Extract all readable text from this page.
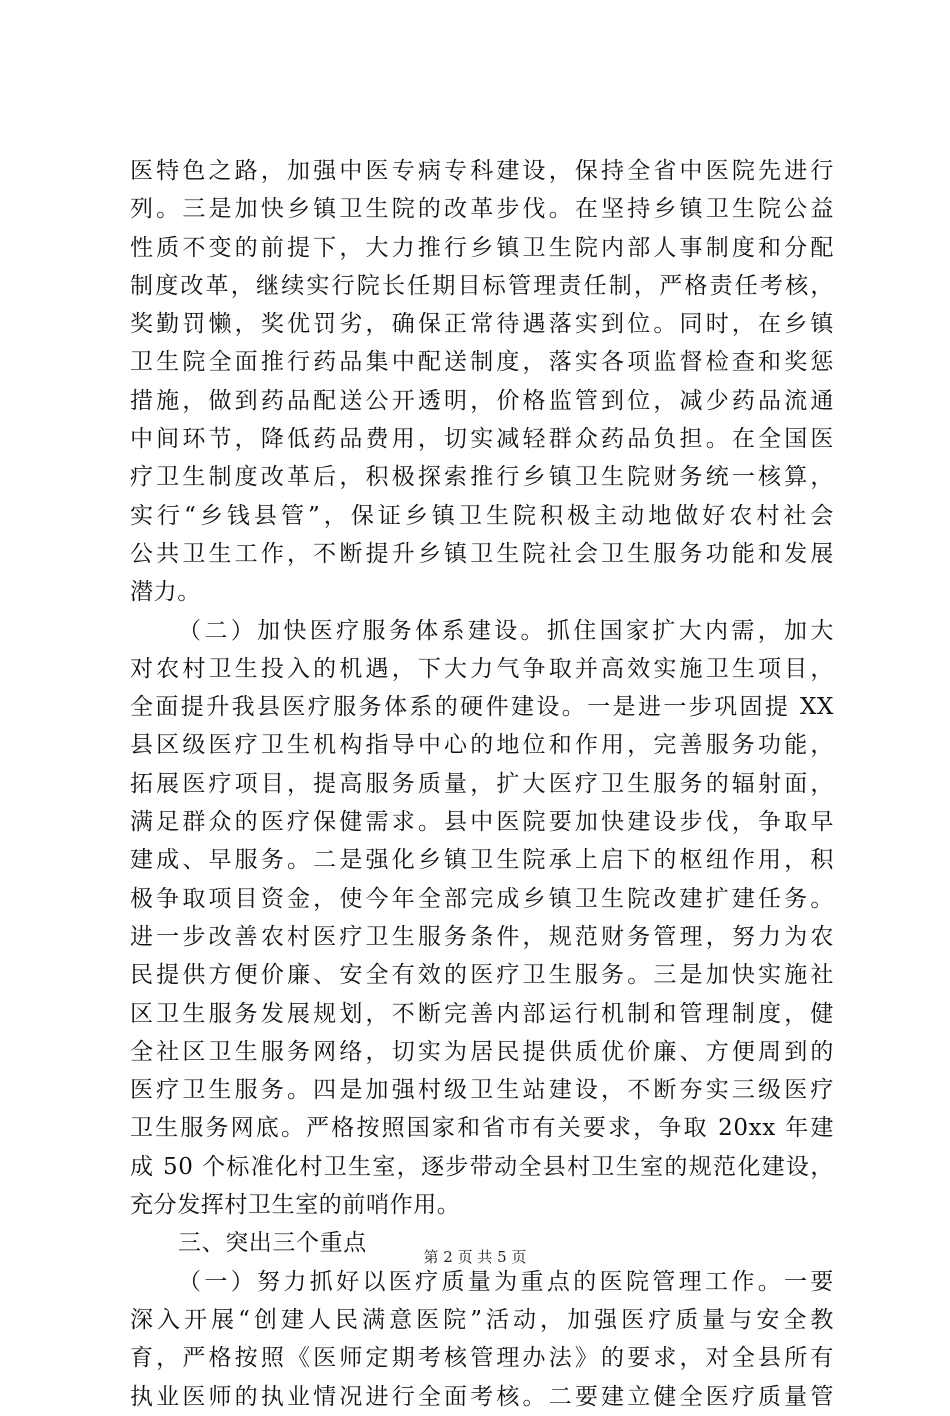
医特色之路，加强中医专病专科建设，保持全省中医院先进行
列。三是加快乡镇卫生院的改革步伐。在坚持乡镇卫生院公益
性质不变的前提下，大力推行乡镇卫生院内部人事制度和分配
制度改革，继续实行院长任期目标管理责任制，严格责任考核，
奖勤罚懒，奖优罚劣，确保正常待遇落实到位。同时，在乡镇
卫生院全面推行药品集中配送制度，落实各项监督检查和奖惩
措施，做到药品配送公开透明，价格监管到位，减少药品流通
中间环节，降低药品费用，切实减轻群众药品负担。在全国医
疗卫生制度改革后，积极探索推行乡镇卫生院财务统一核算，
实行“乡钱县管”，保证乡镇卫生院积极主动地做好农村社会
公共卫生工作，不断提升乡镇卫生院社会卫生服务功能和发展
潜力。
（二）加快医疗服务体系建设。抓住国家扩大内需，加大
对农村卫生投入的机遇，下大力气争取并高效实施卫生项目，
全面提升我县医疗服务体系的硬件建设。一是进一步巩固提 XX
县区级医疗卫生机构指导中心的地位和作用，完善服务功能，
拓展医疗项目，提高服务质量，扩大医疗卫生服务的辐射面，
满足群众的医疗保健需求。县中医院要加快建设步伐，争取早
建成、早服务。二是强化乡镇卫生院承上启下的枢纽作用，积
极争取项目资金，使今年全部完成乡镇卫生院改建扩建任务。
进一步改善农村医疗卫生服务条件，规范财务管理，努力为农
民提供方便价廉、安全有效的医疗卫生服务。三是加快实施社
区卫生服务发展规划，不断完善内部运行机制和管理制度，健
全社区卫生服务网络，切实为居民提供质优价廉、方便周到的
医疗卫生服务。四是加强村级卫生站建设，不断夯实三级医疗
卫生服务网底。严格按照国家和省市有关要求，争取 20xx 年建
成 50 个标准化村卫生室，逐步带动全县村卫生室的规范化建设，
充分发挥村卫生室的前哨作用。
三、突出三个重点
（一）努力抓好以医疗质量为重点的医院管理工作。一要
深入开展“创建人民满意医院”活动，加强医疗质量与安全教
育，严格按照《医师定期考核管理办法》的要求，对全县所有
执业医师的执业情况进行全面考核。二要建立健全医疗质量管
第 2 页 共 5 页
